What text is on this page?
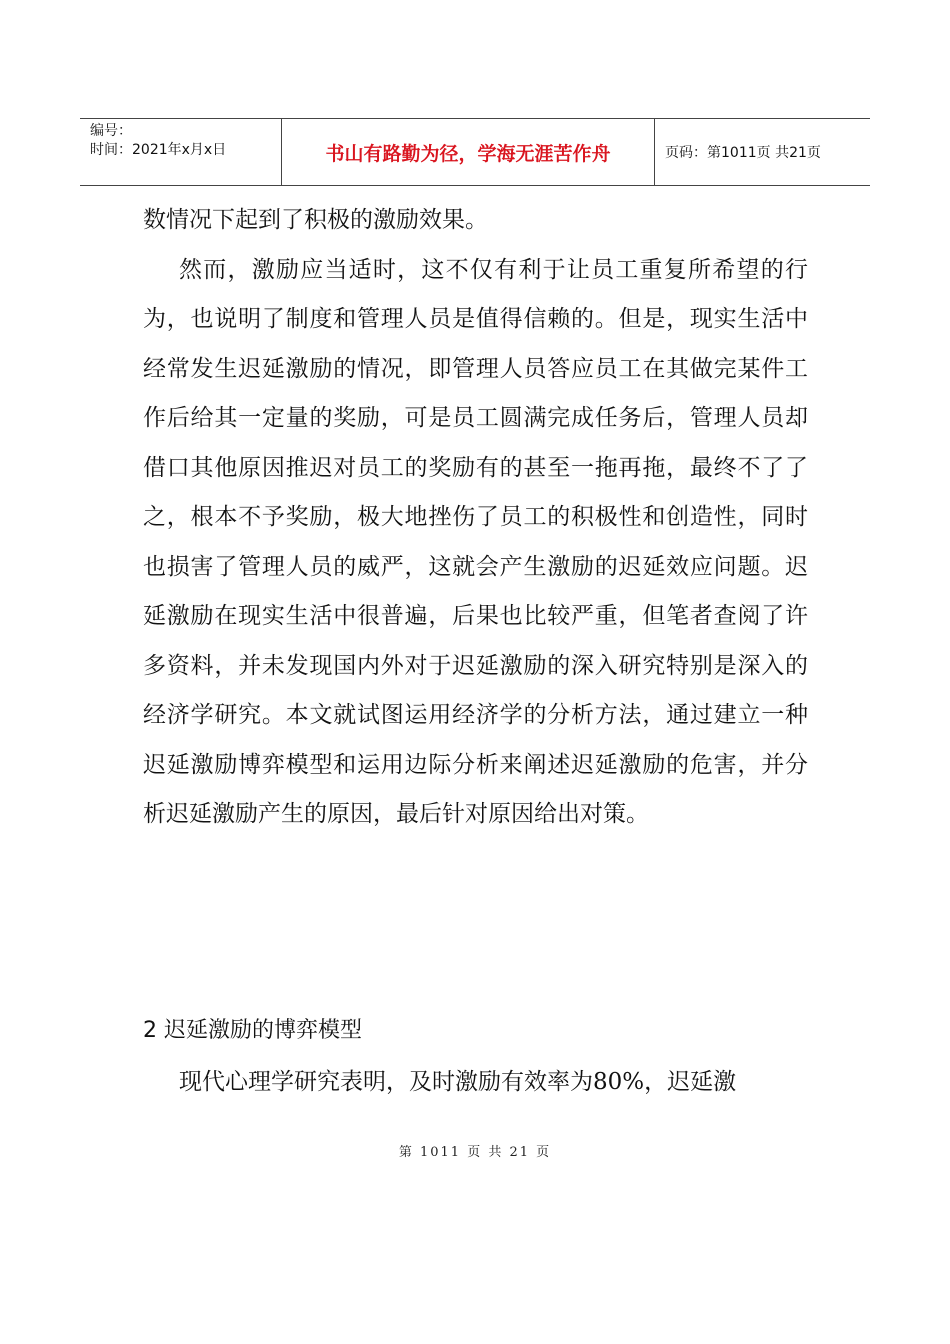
编号：
时间：2021年x月x日	书山有路勤为径，学海无涯苦作舟	页码：第1011页 共21页

数情况下起到了积极的激励效果。

然而，激励应当适时，这不仅有利于让员工重复所希望的行为，也说明了制度和管理人员是值得信赖的。但是，现实生活中经常发生迟延激励的情况，即管理人员答应员工在其做完某件工作后给其一定量的奖励，可是员工圆满完成任务后，管理人员却借口其他原因推迟对员工的奖励有的甚至一拖再拖，最终不了了之，根本不予奖励，极大地挫伤了员工的积极性和创造性，同时也损害了管理人员的威严，这就会产生激励的迟延效应问题。迟延激励在现实生活中很普遍，后果也比较严重，但笔者查阅了许多资料，并未发现国内外对于迟延激励的深入研究特别是深入的经济学研究。本文就试图运用经济学的分析方法，通过建立一种迟延激励博弈模型和运用边际分析来阐述迟延激励的危害，并分析迟延激励产生的原因，最后针对原因给出对策。

2 迟延激励的博弈模型
现代心理学研究表明，及时激励有效率为80%，迟延激
第 1011 页 共 21 页
